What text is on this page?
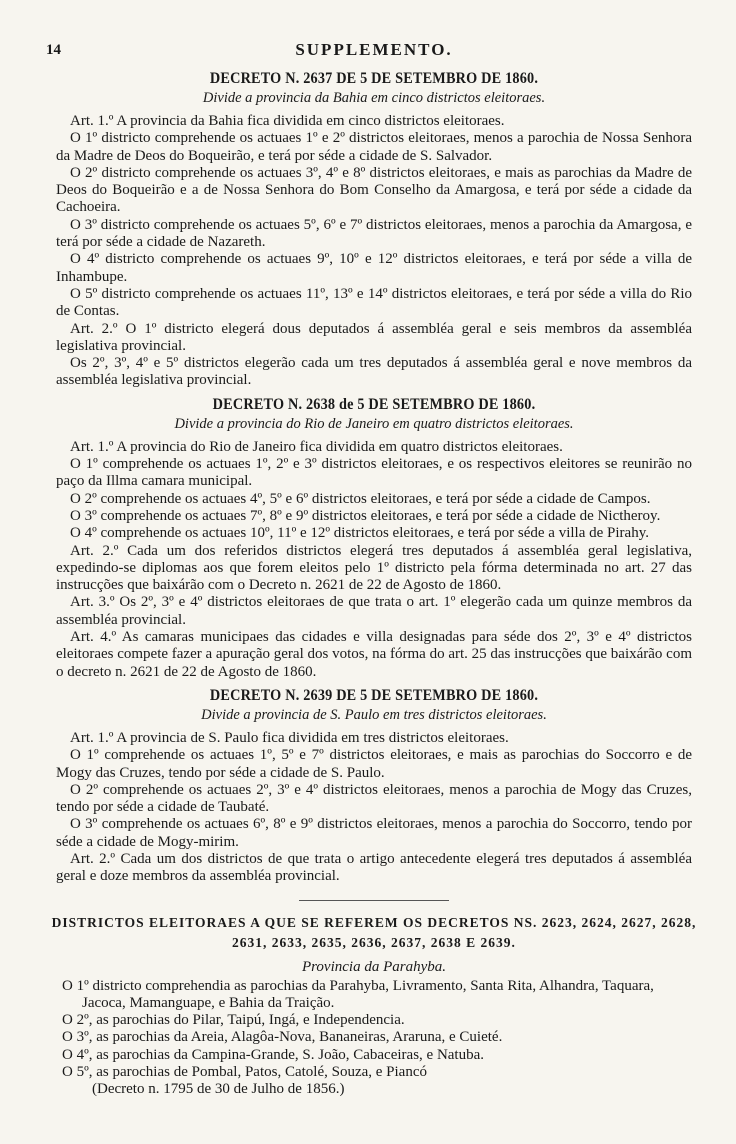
14	SUPPLEMENTO.
DECRETO N. 2637 DE 5 DE SETEMBRO DE 1860.
Divide a provincia da Bahia em cinco districtos eleitoraes.

Art. 1.º A provincia da Bahia fica dividida em cinco districtos eleitoraes.

O 1º districto comprehende os actuaes 1º e 2º districtos eleitoraes, menos a parochia de Nossa Senhora da Madre de Deos do Boqueirão, e terá por séde a cidade de S. Salvador.

O 2º districto comprehende os actuaes 3º, 4º e 8º districtos eleitoraes, e mais as parochias da Madre de Deos do Boqueirão e a de Nossa Senhora do Bom Conselho da Amargosa, e terá por séde a cidade da Cachoeira.

O 3º districto comprehende os actuaes 5º, 6º e 7º districtos eleitoraes, menos a parochia da Amargosa, e terá por séde a cidade de Nazareth.

O 4º districto comprehende os actuaes 9º, 10º e 12º districtos eleitoraes, e terá por séde a villa de Inhambupe.

O 5º districto comprehende os actuaes 11º, 13º e 14º districtos eleitoraes, e terá por séde a villa do Rio de Contas.

Art. 2.º O 1º districto elegerá dous deputados á assembléa geral e seis membros da assembléa legislativa provincial.

Os 2º, 3º, 4º e 5º districtos elegerão cada um tres deputados á assembléa geral e nove membros da assembléa legislativa provincial.

DECRETO N. 2638 de 5 DE SETEMBRO DE 1860.
Divide a provincia do Rio de Janeiro em quatro districtos eleitoraes.

Art. 1.º A provincia do Rio de Janeiro fica dividida em quatro districtos eleitoraes.

O 1º comprehende os actuaes 1º, 2º e 3º districtos eleitoraes, e os respectivos eleitores se reunirão no paço da Illma camara municipal.

O 2º comprehende os actuaes 4º, 5º e 6º districtos eleitoraes, e terá por séde a cidade de Campos.

O 3º comprehende os actuaes 7º, 8º e 9º districtos eleitoraes, e terá por séde a cidade de Nictheroy.

O 4º comprehende os actuaes 10º, 11º e 12º districtos eleitoraes, e terá por séde a villa de Pirahy.

Art. 2.º Cada um dos referidos districtos elegerá tres deputados á assembléa geral legislativa, expedindo-se diplomas aos que forem eleitos pelo 1º districto pela fórma determinada no art. 27 das instrucções que baixárão com o Decreto n. 2621 de 22 de Agosto de 1860.

Art. 3.º Os 2º, 3º e 4º districtos eleitoraes de que trata o art. 1º elegerão cada um quinze membros da assembléa provincial.

Art. 4.º As camaras municipaes das cidades e villa designadas para séde dos 2º, 3º e 4º districtos eleitoraes compete fazer a apuração geral dos votos, na fórma do art. 25 das instrucções que baixárão com o decreto n. 2621 de 22 de Agosto de 1860.

DECRETO N. 2639 DE 5 DE SETEMBRO DE 1860.
Divide a provincia de S. Paulo em tres districtos eleitoraes.

Art. 1.º A provincia de S. Paulo fica dividida em tres districtos eleitoraes.

O 1º comprehende os actuaes 1º, 5º e 7º districtos eleitoraes, e mais as parochias do Soccorro e de Mogy das Cruzes, tendo por séde a cidade de S. Paulo.

O 2º comprehende os actuaes 2º, 3º e 4º districtos eleitoraes, menos a parochia de Mogy das Cruzes, tendo por séde a cidade de Taubaté.

O 3º comprehende os actuaes 6º, 8º e 9º districtos eleitoraes, menos a parochia do Soccorro, tendo por séde a cidade de Mogy-mirim.

Art. 2.º Cada um dos districtos de que trata o artigo antecedente elegerá tres deputados á assembléa geral e doze membros da assembléa provincial.

DISTRICTOS ELEITORAES A QUE SE REFEREM OS DECRETOS NS. 2623, 2624, 2627, 2628,
2631, 2633, 2635, 2636, 2637, 2638 E 2639.
Provincia da Parahyba.

O 1º districto comprehendia as parochias da Parahyba, Livramento, Santa Rita, Alhandra, Taquara, Jacoca, Mamanguape, e Bahia da Traição.

O 2º, as parochias do Pilar, Taipú, Ingá, e Independencia.

O 3º, as parochias da Areia, Alagôa-Nova, Bananeiras, Araruna, e Cuieté.

O 4º, as parochias da Campina-Grande, S. João, Cabaceiras, e Natuba.

O 5º, as parochias de Pombal, Patos, Catolé, Souza, e Piancó

(Decreto n. 1795 de 30 de Julho de 1856.)
